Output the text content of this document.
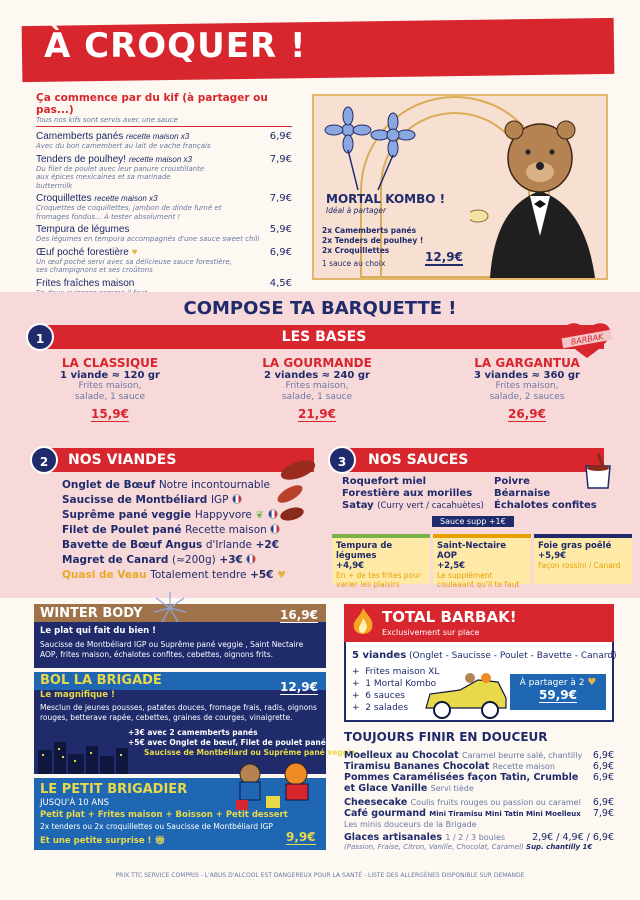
À CROQUER !
Ça commence par du kif (à partager ou pas...)
Tous nos kifs sont servis avec une sauce
Camemberts panés recette maison x3	6,9€
Avec du bon camembert au lait de vache français
Tenders de poulhey! recette maison x3	7,9€
Du filet de poulet avec leur panure croustillante aux épices mexicaines et sa marinade buttermilk
Croquillettes recette maison x3	7,9€
Croquettes de coquillettes, jambon de dinde fumé et fromages fondus... À tester absolument !
Tempura de légumes	5,9€
Des légumes en tempura accompagnés d'une sauce sweet chili
Œuf poché forestière ♥	6,9€
Un œuf poché servi avec sa délicieuse sauce forestière, ses champignons et ses croûtons
Frites fraîches maison	4,5€
MORTAL KOMBO !
Idéal à partager
2x Camemberts panés
2x Tenders de poulhey !
2x Croquillettes
1 sauce au choix	12,9€
COMPOSE TA BARQUETTE !
LES BASES
1	BARBAK
LA CLASSIQUE
1 viande ≈ 120 gr
Frites maison,
salade, 1 sauce
15,9€
LA GOURMANDE
2 viandes ≈ 240 gr
Frites maison,
salade, 1 sauce
21,9€
LA GARGANTUA
3 viandes ≈ 360 gr
Frites maison,
salade, 2 sauces
26,9€
NOS VIANDES
2	NOS SAUCES
3
Onglet de Bœuf Notre incontournable
Saucisse de Montbéliard IGP
Suprême pané veggie Happyvore ❦
Filet de Poulet pané Recette maison
Bavette de Bœuf Angus d'Irlande +2€
Magret de Canard (≈200g) +3€
Quasi de Veau Totalement tendre +5€ ♥
Roquefort miel
Forestière aux morilles
Satay (Curry vert / cacahuètes)
Poivre
Béarnaise
Échalotes confites
Sauce supp +1€
Tempura de légumes
+4,9€
En + de tes frites pour varier les plaisirs
Saint-Nectaire AOP
+2,5€
Le supplément coulaaant qu'il te faut
Foie gras poêlé
+5,9€
Façon rossini / Canard
WINTER BODY	16,9€
Le plat qui fait du bien !
Saucisse de Montbéliard IGP ou Suprême pané veggie , Saint Nectaire AOP, frites maison, échalotes confites, cebettes, oignons frits.
BOL LA BRIGADE	12,9€
Le magnifique !
Mesclun de jeunes pousses, patates douces, fromage frais, radis, oignons rouges, betterave rapée, cebettes, graines de courges, vinaigrette.
+3€ avec 2 camemberts panés
+5€ avec Onglet de bœuf, Filet de poulet pané,
Saucisse de Montbéliard ou Suprême pané veggie
LE PETIT BRIGADIER
JUSQU'À 10 ANS
Petit plat + Frites maison + Boisson + Petit dessert
2x tenders ou 2x croquillettes ou Saucisse de Montbéliard IGP
Et une petite surprise ! 🎁︎	9,9€
TOTAL BARBAK!
Exclusivement sur place
5 viandes (Onglet - Saucisse - Poulet - Bavette - Canard)
+  Frites maison XL
+  1 Mortal Kombo
+  6 sauces
+  2 salades
À partager à 2 ♥
59,9€
TOUJOURS FINIR EN DOUCEUR
Moelleux au Chocolat Caramel beurre salé, chantilly 6,9€
Tiramisu Bananes Chocolat Recette maison	6,9€
Pommes Caramélisées façon Tatin, Crumble 6,9€
et Glace Vanille Servi tiède
Cheesecake Coulis fruits rouges ou passion ou caramel 6,9€
Café gourmand Mini Tiramisu Mini Tatin Mini Moelleux 7,9€
Les minis douceurs de la Brigade
Glaces artisanales 1 / 2 / 3 boules	2,9€ / 4,9€ / 6,9€
(Passion, Fraise, Citron, Vanille, Chocolat, Caramel) Sup. chantilly 1€
PRIX TTC SERVICE COMPRIS - L'ABUS D'ALCOOL EST DANGEREUX POUR LA SANTÉ - LISTE DES ALLERGÈNES DISPONIBLE SUR DEMANDE
